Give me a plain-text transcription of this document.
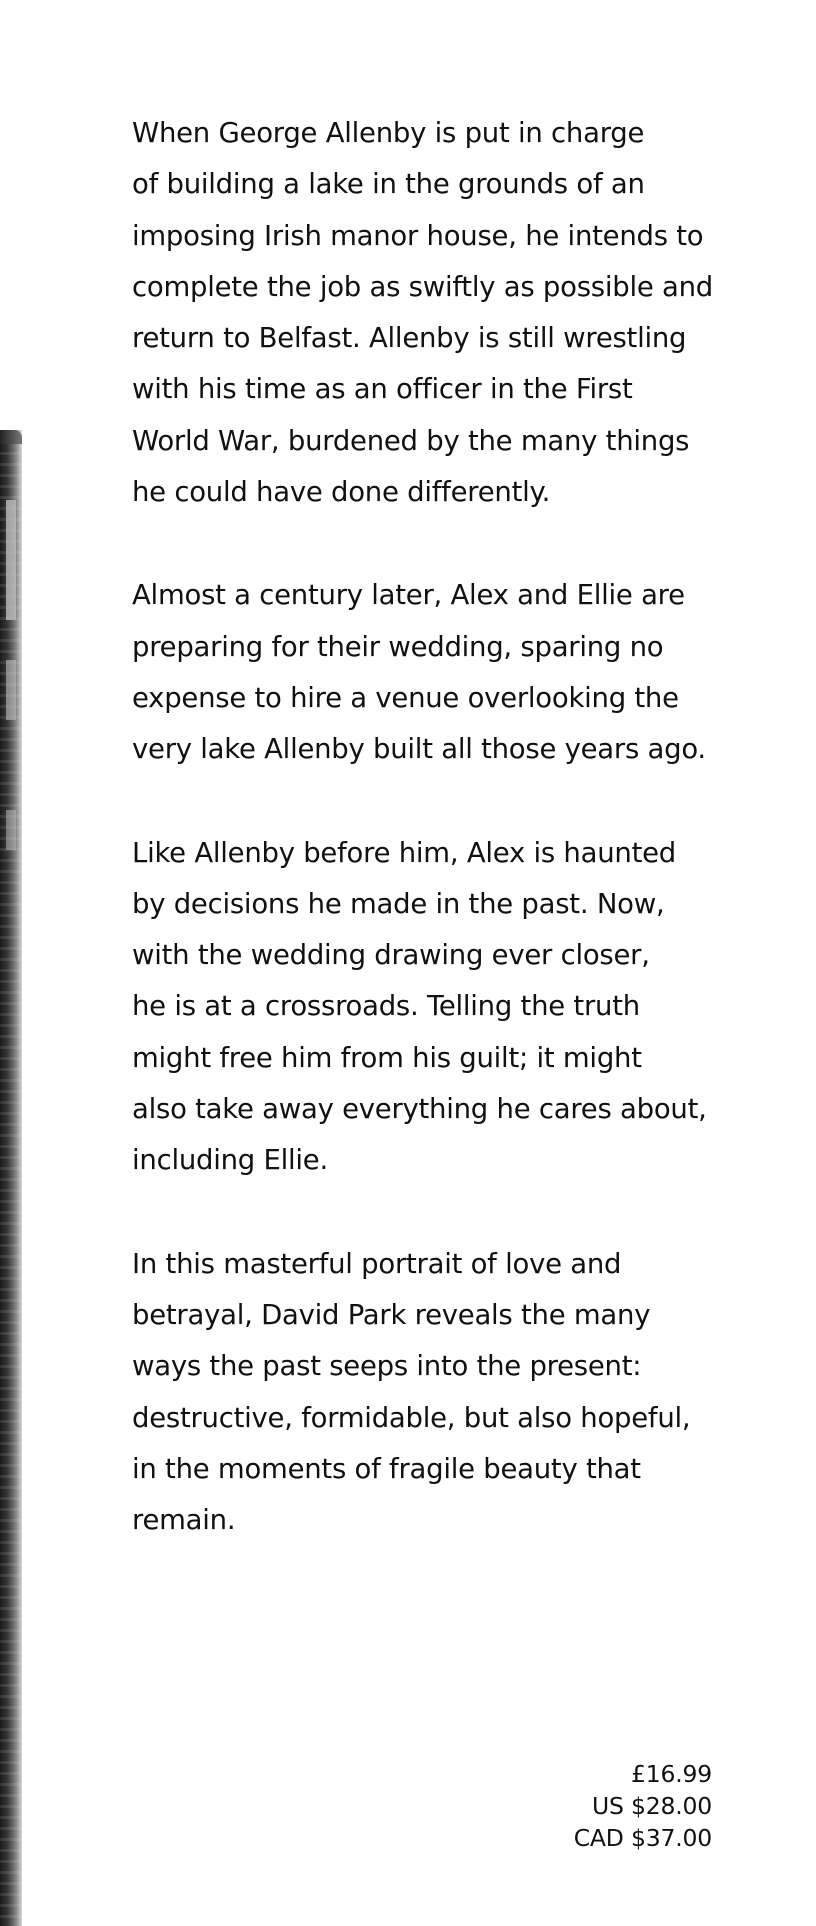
When George Allenby is put in charge
of building a lake in the grounds of an
imposing Irish manor house, he intends to
complete the job as swiftly as possible and
return to Belfast. Allenby is still wrestling
with his time as an officer in the First
World War, burdened by the many things
he could have done differently.

Almost a century later, Alex and Ellie are
preparing for their wedding, sparing no
expense to hire a venue overlooking the
very lake Allenby built all those years ago.

Like Allenby before him, Alex is haunted
by decisions he made in the past. Now,
with the wedding drawing ever closer,
he is at a crossroads. Telling the truth
might free him from his guilt; it might
also take away everything he cares about,
including Ellie.

In this masterful portrait of love and
betrayal, David Park reveals the many
ways the past seeps into the present:
destructive, formidable, but also hopeful,
in the moments of fragile beauty that
remain.

£16.99
US $28.00
CAD $37.00
